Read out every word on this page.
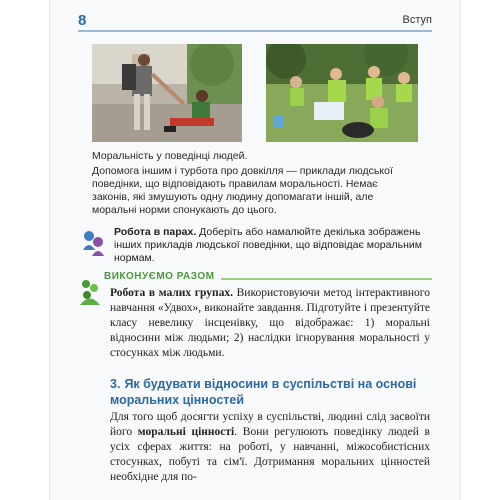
8	Вступ
Моральність у поведінці людей.
Допомога іншим і турбота про довкілля — приклади людської поведінки, що відповідають правилам моральності. Немає законів, які змушують одну людину допомагати іншій, але моральні норми спонукають до цього.
Робота в парах. Доберіть або намалюйте декілька зображень інших прикладів людської поведінки, що відповідає моральним нормам.
ВИКОНУЄМО РАЗОМ
Робота в малих групах. Використовуючи метод інтерактивного навчання «Удвох», виконайте завдання. Підготуйте і презентуйте класу невелику інсценівку, що відображає: 1) моральні відносини між людьми; 2) наслідки ігнорування моральності у стосунках між людьми.
3. Як будувати відносини в суспільстві на основі моральних цінностей
Для того щоб досягти успіху в суспільстві, людині слід засвоїти його моральні цінності. Вони регулюють поведінку людей в усіх сферах життя: на роботі, у навчанні, міжособистісних стосунках, побуті та сім'ї. Дотримання моральних цінностей необхідне для по-
